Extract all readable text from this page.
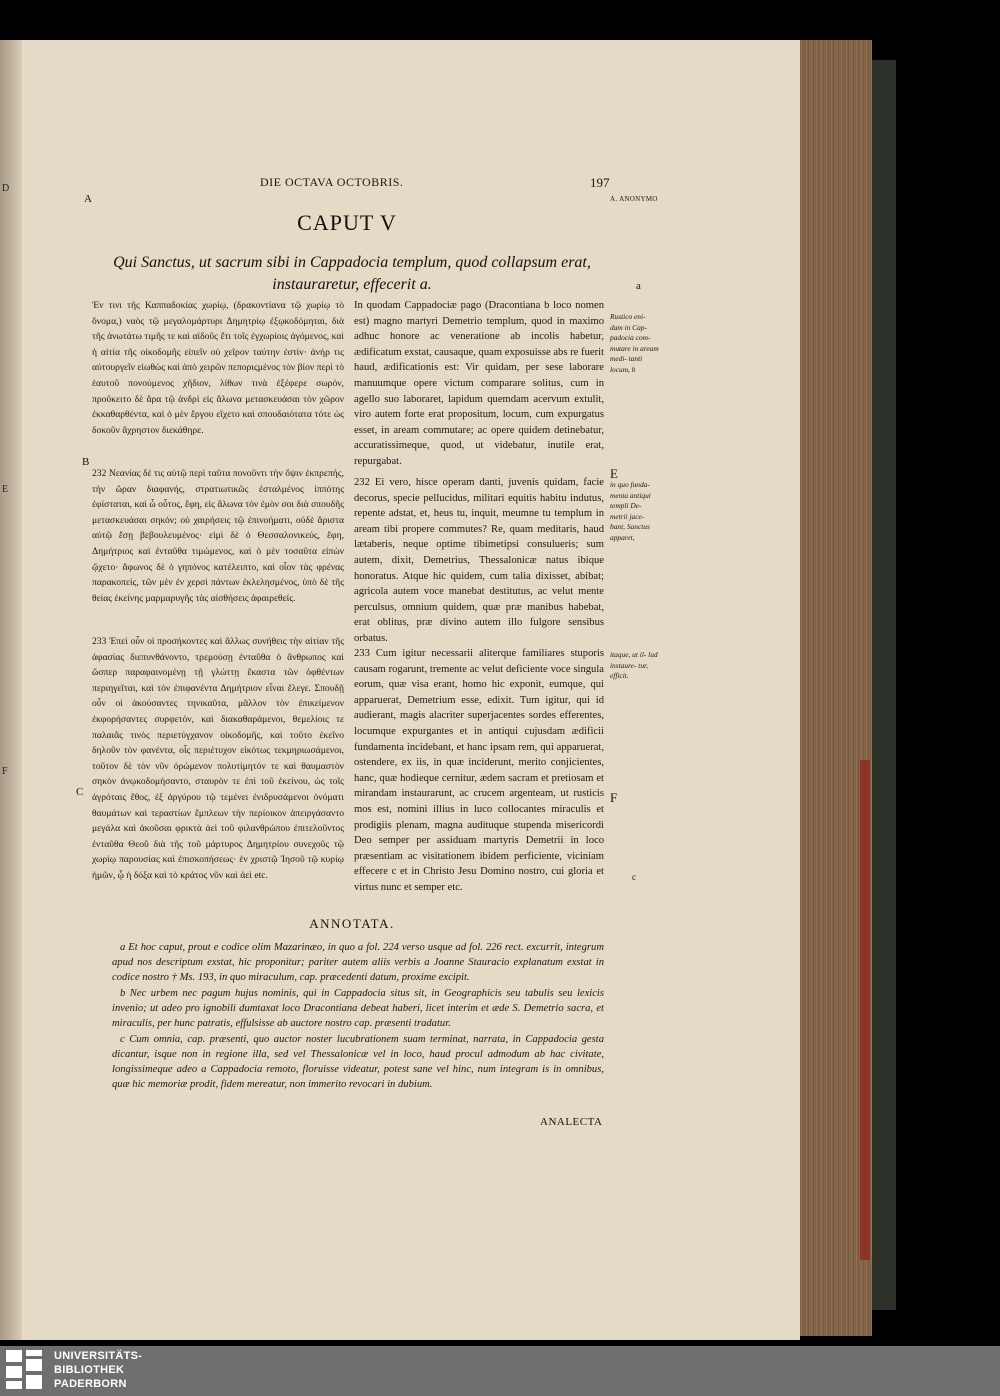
D
E
F
DIE OCTAVA OCTOBRIS.	197
A. ANONYMO
A
CAPUT V
Qui Sanctus, ut sacrum sibi in Cappadocia templum, quod collapsum erat, instauraretur, effecerit a.	a
Ἐν τινι τῆς Καππαδοκίας χωρίῳ, (δρακοντίανα τῷ χωρίῳ τὸ ὄνομα,) ναὸς τῷ μεγαλομάρτυρι Δημητρίῳ ἐξῳκοδόμηται, διὰ τῆς ἀνωτάτω τιμῆς τε καὶ αἰδοῦς ἔτι τοῖς ἐγχωρίοις ἀγόμενος, καὶ ἡ αἰτία τῆς οἰκοδομῆς εἰπεῖν οὐ χεῖρον ταύτην ἐστίν· ἀνήρ τις αὐτουργεῖν εἰωθὼς καὶ ἀπὸ χειρῶν πεποριςμένος τὸν βίον περὶ τὸ ἑαυτοῦ πονούμενος χῆδιον, λίθων τινὰ ἐξέφερε σωρόν, προὔκειτο δὲ ἄρα τῷ ἀνδρὶ εἰς ἅλωνα μετασκευάσαι τὸν χῶρον ἐκκαθαρθέντα, καὶ ὁ μὲν ἔργου εἴχετο καὶ σπουδαιότατα τότε ὡς δοκοῦν ἄχρηστον διεκάθηρε.
B
232 Νεανίας δέ τις αὐτῷ περὶ ταῦτα πονοῦντι τὴν ὄψιν ἐκπρεπής, τὴν ὥραν διαφανής, στρατιωτικῶς ἐσταλμένος ἱππότης ἐφίσταται, καὶ ὦ οὗτος, ἔφη, εἰς ἅλωνα τὸν ἐμὸν σοι διὰ σπουδῆς μετασκευάσαι σηκόν; οὐ χαιρήσεις τῷ ἐπινοήματι, οὐδὲ ἄριστα αὐτῷ ἔσῃ βεβουλευμένος· εἰμὶ δὲ ὁ Θεσσαλονικεύς, ἔφη, Δημήτριος καὶ ἐνταῦθα τιμώμενος, καὶ ὁ μὲν τοσαῦτα εἰπὼν ᾤχετο· ἄφωνος δὲ ὁ γηπόνος κατέλειπτο, καὶ οἷον τὰς φρένας παρακοπείς, τῶν μὲν ἐν χερσὶ πάντων ἐκλελησμένος, ὑπὸ δὲ τῆς θείας ἐκείνης μαρμαρυγῆς τὰς αἰσθήσεις ἀφαιρεθείς.
233 Ἐπεὶ οὖν οἱ προσήκοντες καὶ ἄλλως συνήθεις τὴν αἰτίαν τῆς ἀφασίας διεπυνθάνοντο, τρεμούσῃ ἐνταῦθα ὁ ἄνθρωπος καὶ ὥσπερ παραφαινομένῃ τῇ γλώττῃ ἕκαστα τῶν ὀφθέντων περιηγεῖται, καὶ τὸν ἐπιφανέντα Δημήτριον εἶναι ἔλεγε. Σπουδῇ οὖν οἱ ἀκούσαντες τηνικαῦτα, μᾶλλον τὸν ἐπικείμενον ἐκφορήσαντες συρφετόν, καὶ διακαθαράμενοι, θεμελίοις τε παλαιᾶς τινὸς περιετύγχανον οἰκοδομῆς, καὶ τοῦτο ἐκεῖνο δηλοῦν τὸν φανέντα, οἷς περιέτυχον εἰκότως τεκμηριωσάμενοι, τοῦτον δὲ τὸν νῦν ὁρώμενον πολυτίμητόν τε καὶ θαυμαστὸν σηκὸν ἀνῳκοδομήσαντο, σταυρὸν τε ἐπὶ τοῦ ἐκείνου, ὡς τοῖς ἀγρόταις ἔθος, ἐξ ἀργύρου τῷ τεμένει ἐνιδρυσάμενοι ὀνόματι θαυμάτων καὶ τεραστίων ἔμπλεων τὴν περίοικον ἀπειργάσαντο μεγάλα καὶ ἀκοῦσαι φρικτὰ ἀεὶ τοῦ φιλανθρώπου ἐπιτελοῦντος ἐνταῦθα Θεοῦ διὰ τῆς τοῦ μάρτυρος Δημητρίου συνεχοῦς τῷ χωρίῳ παρουσίας καὶ ἐπισκοπήσεως· ἐν χριστῷ Ἰησοῦ τῷ κυρίῳ ἡμῶν, ᾧ ἡ δόξα καὶ τὸ κράτος νῦν καὶ ἀεὶ etc.
C
In quodam Cappadociæ pago (Dracontiana b loco nomen est) magno martyri Demetrio templum, quod in maximo adhuc honore ac veneratione ab incolis habetur, ædificatum exstat, causaque, quam exposuisse abs re fuerit haud, ædificationis est: Vir quidam, per sese laborare manuumque opere victum comparare solitus, cum in agello suo laboraret, lapidum quemdam acervum extulit, viro autem forte erat propositum, locum, cum expurgatus esset, in aream commutare; ac opere quidem detinebatur, accuratissimeque, quod, ut videbatur, inutile erat, repurgabat.
232 Ei vero, hisce operam danti, juvenis quidam, facie decorus, specie pellucidus, militari equitis habitu indutus, repente adstat, et, heus tu, inquit, meumne tu templum in aream tibi propere commutes? Re, quam meditaris, haud lætaberis, neque optime tibimetipsi consulueris; sum autem, dixit, Demetrius, Thessalonicæ natus ibique honoratus. Atque hic quidem, cum talia dixisset, abibat; agricola autem voce manebat destitutus, ac velut mente perculsus, omnium quidem, quæ præ manibus habebat, erat oblitus, præ divino autem illo fulgore sensibus orbatus.
233 Cum igitur necessarii aliterque familiares stuporis causam rogarunt, tremente ac velut deficiente voce singula eorum, quæ visa erant, homo hic exponit, eumque, qui apparuerat, Demetrium esse, edixit. Tum igitur, qui id audierant, magis alacriter superjacentes sordes efferentes, locumque expurgantes et in antiqui cujusdam ædificii fundamenta incidebant, et hanc ipsam rem, qui apparuerat, ostendere, ex iis, in quæ inciderunt, merito conjicientes, hanc, quæ hodieque cernitur, ædem sacram et pretiosam et mirandam instaurarunt, ac crucem argenteam, ut rusticis mos est, nomini illius in luco collocantes miraculis et prodigiis plenam, magna audituque stupenda misericordi Deo semper per assiduam martyris Demetrii in loco præsentiam ac visitationem ibidem perficiente, viciniam effecere c et in Christo Jesu Domino nostro, cui gloria et virtus nunc et semper etc.
Rustico eni- dam in Cap- padocia com- mutare in aream medi- tanti locum, b
E
in quo funda- menta antiqui templi De- metrii jace- bant, Sanctus apparet,
itaque, ut il- lud instaure- tur, efficit.
F
c
ANNOTATA.

a Et hoc caput, prout e codice olim Mazarinæo, in quo a fol. 224 verso usque ad fol. 226 rect. excurrit, integrum apud nos descriptum exstat, hic proponitur; pariter autem aliis verbis a Joanne Stauracio explanatum exstat in codice nostro † Ms. 193, in quo miraculum, cap. præcedenti datum, proxime excipit.

b Nec urbem nec pagum hujus nominis, qui in Cappadocia situs sit, in Geographicis seu tabulis seu lexicis invenio; ut adeo pro ignobili dumtaxat loco Dracontiana debeat haberi, licet interim et æde S. Demetrio sacra, et miraculis, per hunc patratis, effulsisse ab auctore nostro cap. præsenti tradatur.

c Cum omnia, cap. præsenti, quo auctor noster lucubrationem suam terminat, narrata, in Cappadocia gesta dicantur, isque non in regione illa, sed vel Thessalonicæ vel in loco, haud procul admodum ab hac civitate, longissimeque adeo a Cappadocia remoto, floruisse videatur, potest sane vel hinc, num integram is in omnibus, quæ hic memoriæ prodit, fidem mereatur, non immerito revocari in dubium.

ANALECTA
UNIVERSITÄTS-
BIBLIOTHEK
PADERBORN
